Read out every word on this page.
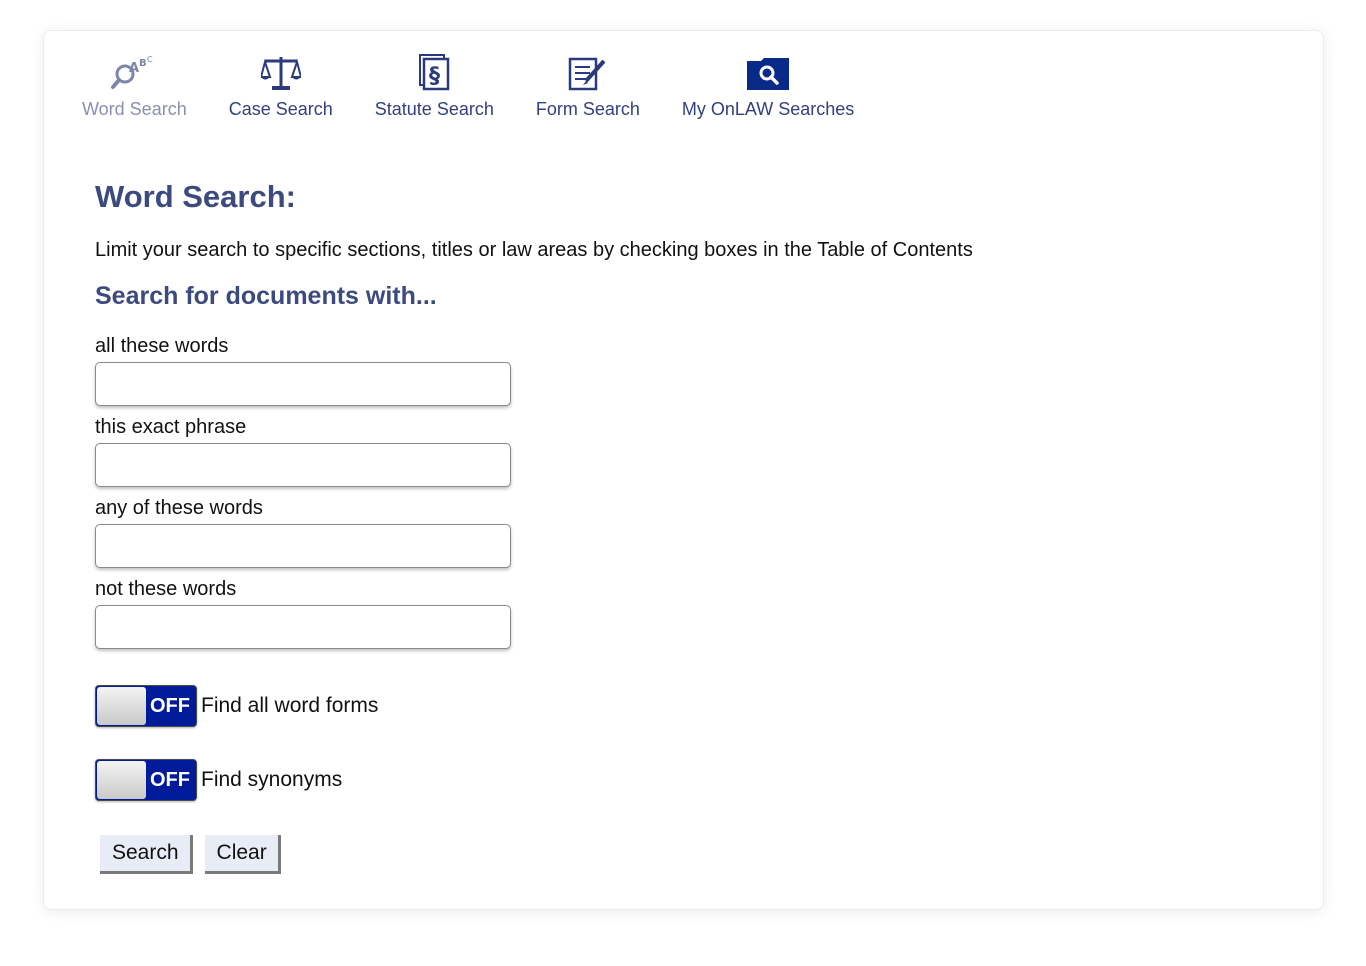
A B C
Word Search Case Search
§
Statute Search Form Search My OnLAW Searches
Word Search:
Limit your search to specific sections, titles or law areas by checking boxes in the Table of Contents
Search for documents with...
all these words
this exact phrase
any of these words
not these words
OFF Find all word forms
OFF Find synonyms
Search	Clear
